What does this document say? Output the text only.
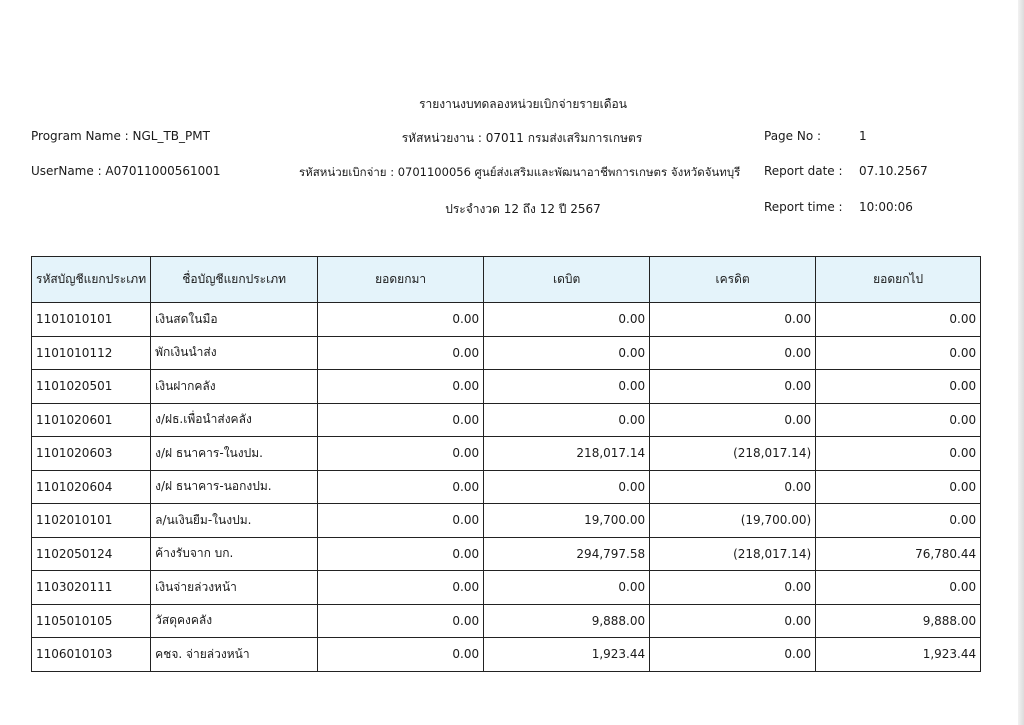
รายงานงบทดลองหน่วยเบิกจ่ายรายเดือน
Program Name : NGL_TB_PMT
UserName : A07011000561001
รหัสหน่วยงาน : 07011 กรมส่งเสริมการเกษตร
รหัสหน่วยเบิกจ่าย : 0701100056 ศูนย์ส่งเสริมและพัฒนาอาชีพการเกษตร จังหวัดจันทบุรี
ประจำงวด 12 ถึง 12 ปี 2567
Page No :	1
Report date : 07.10.2567
Report time : 10:00:06
รหัสบัญชีแยกประเภท	ชื่อบัญชีแยกประเภท	ยอดยกมา	เดบิต	เครดิต	ยอดยกไป
1101010101	เงินสดในมือ	0.00	0.00	0.00	0.00
1101010112	พักเงินนำส่ง	0.00	0.00	0.00	0.00
1101020501	เงินฝากคลัง	0.00	0.00	0.00	0.00
1101020601	ง/ฝธ.เพื่อนำส่งคลัง	0.00	0.00	0.00	0.00
1101020603	ง/ฝ ธนาคาร-ในงปม.	0.00	218,017.14	(218,017.14)	0.00
1101020604	ง/ฝ ธนาคาร-นอกงปม.	0.00	0.00	0.00	0.00
1102010101	ล/นเงินยืม-ในงปม.	0.00	19,700.00	(19,700.00)	0.00
1102050124	ค้างรับจาก บก.	0.00	294,797.58	(218,017.14)	76,780.44
1103020111	เงินจ่ายล่วงหน้า	0.00	0.00	0.00	0.00
1105010105	วัสดุคงคลัง	0.00	9,888.00	0.00	9,888.00
1106010103	คชจ. จ่ายล่วงหน้า	0.00	1,923.44	0.00	1,923.44
